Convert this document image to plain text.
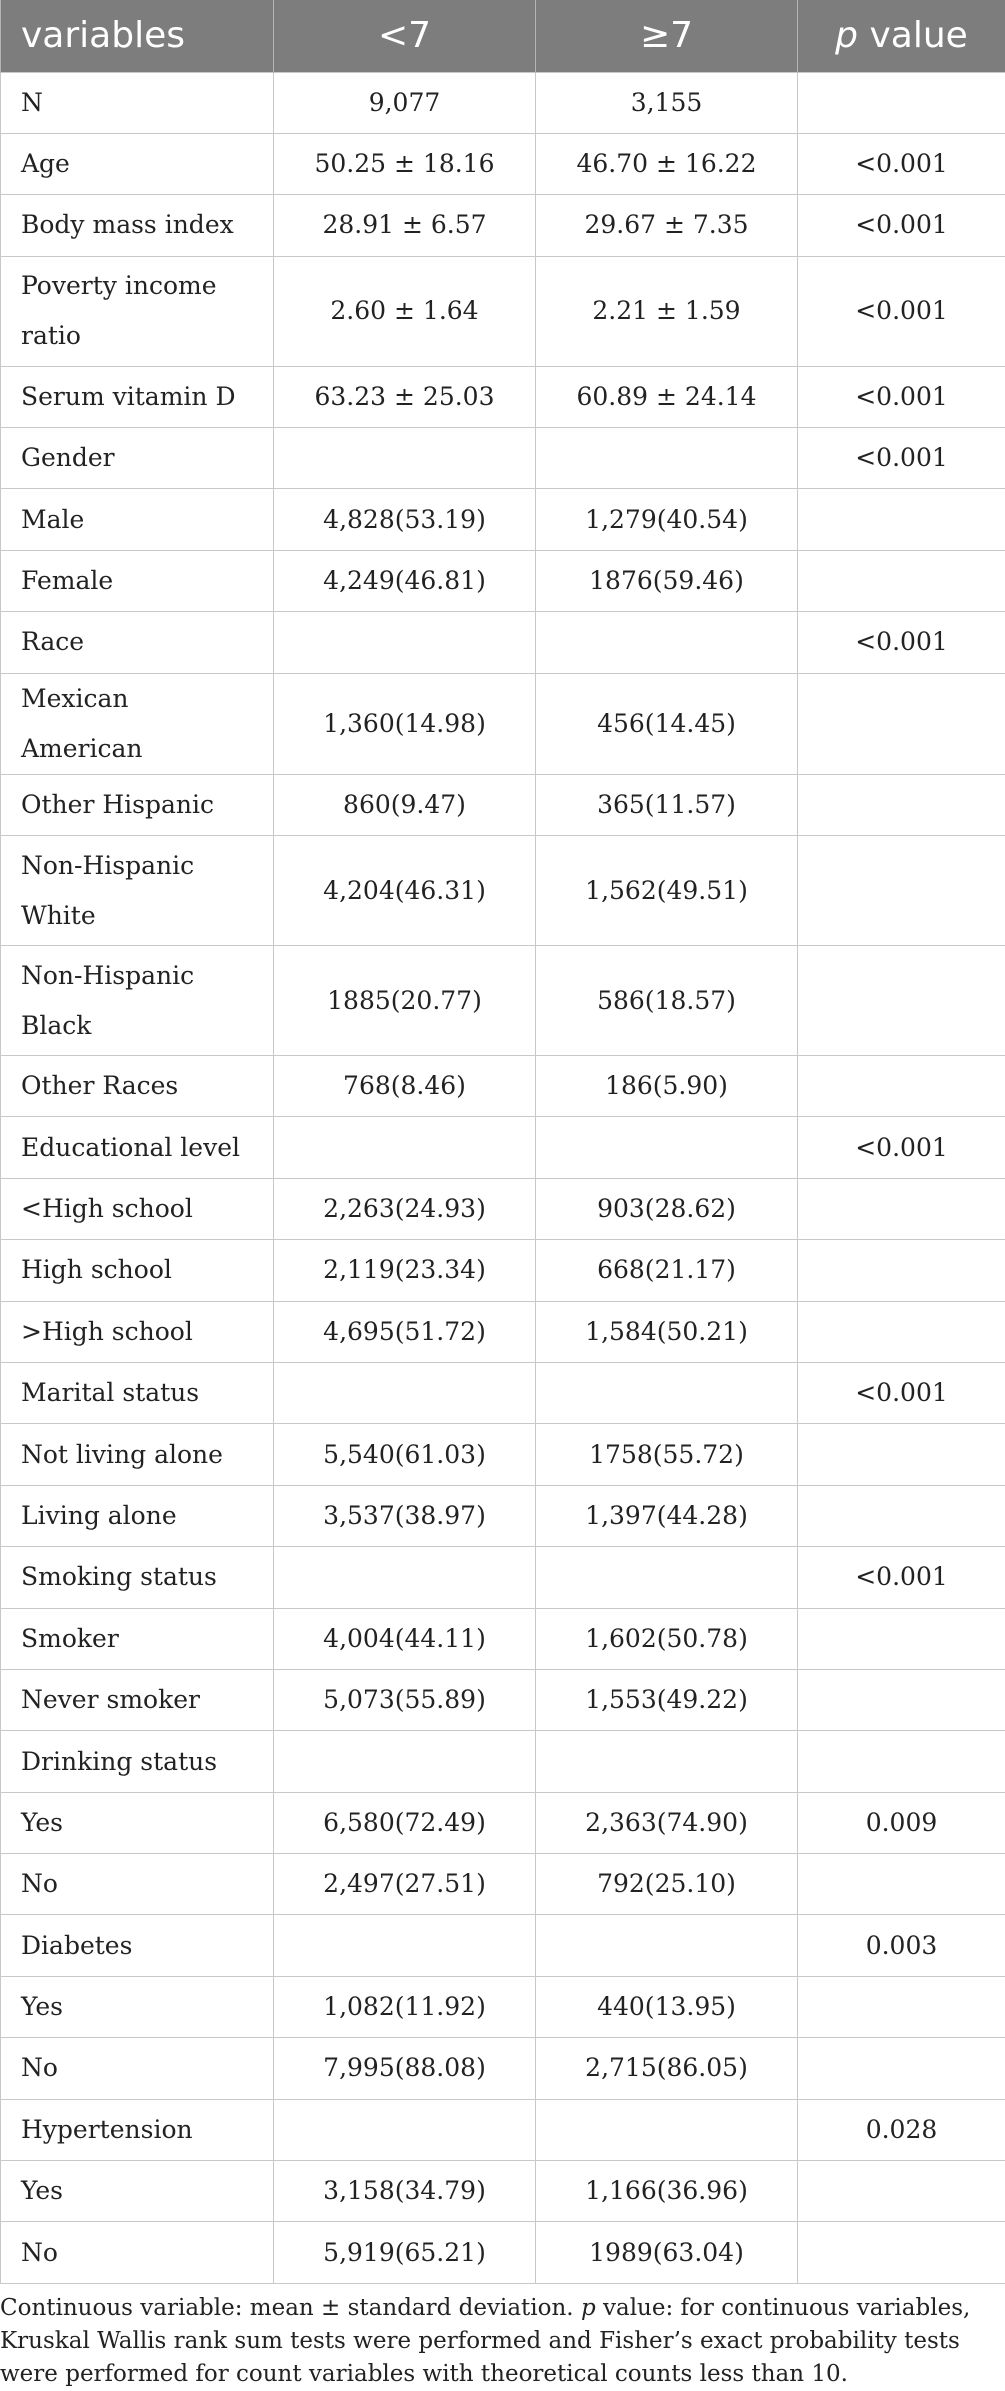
variables	<7	≥7	p value
N	9,077	3,155	
Age	50.25 ± 18.16	46.70 ± 16.22	<0.001
Body mass index	28.91 ± 6.57	29.67 ± 7.35	<0.001
Poverty income ratio	2.60 ± 1.64	2.21 ± 1.59	<0.001
Serum vitamin D	63.23 ± 25.03	60.89 ± 24.14	<0.001
Gender			<0.001
Male	4,828(53.19)	1,279(40.54)	
Female	4,249(46.81)	1876(59.46)	
Race			<0.001
Mexican American	1,360(14.98)	456(14.45)	
Other Hispanic	860(9.47)	365(11.57)	
Non-Hispanic White	4,204(46.31)	1,562(49.51)	
Non-Hispanic Black	1885(20.77)	586(18.57)	
Other Races	768(8.46)	186(5.90)	
Educational level			<0.001
<High school	2,263(24.93)	903(28.62)	
High school	2,119(23.34)	668(21.17)	
>High school	4,695(51.72)	1,584(50.21)	
Marital status			<0.001
Not living alone	5,540(61.03)	1758(55.72)	
Living alone	3,537(38.97)	1,397(44.28)	
Smoking status			<0.001
Smoker	4,004(44.11)	1,602(50.78)	
Never smoker	5,073(55.89)	1,553(49.22)	
Drinking status			
Yes	6,580(72.49)	2,363(74.90)	0.009
No	2,497(27.51)	792(25.10)	
Diabetes			0.003
Yes	1,082(11.92)	440(13.95)	
No	7,995(88.08)	2,715(86.05)	
Hypertension			0.028
Yes	3,158(34.79)	1,166(36.96)	
No	5,919(65.21)	1989(63.04)	
Continuous variable: mean ± standard deviation. p value: for continuous variables, Kruskal Wallis rank sum tests were performed and Fisher’s exact probability tests were performed for count variables with theoretical counts less than 10.
